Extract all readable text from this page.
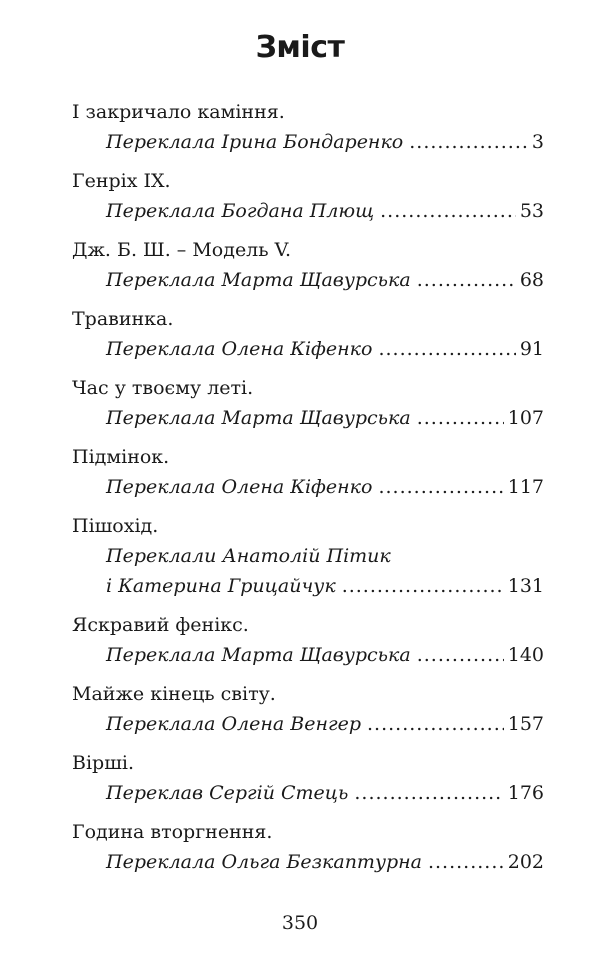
Зміст
І закричало каміння.
Переклала Ірина Бондаренко .....	3
Генріх IX.
Переклала Богдана Плющ .....	53
Дж. Б. Ш. – Модель V.
Переклала Марта Щавурська .....	68
Травинка.
Переклала Олена Кіфенко .....	91
Час у твоєму леті.
Переклала Марта Щавурська .....	107
Підмінок.
Переклала Олена Кіфенко .....	117
Пішохід.
Переклали Анатолій Пітик
і Катерина Грицайчук .....	131
Яскравий фенікс.
Переклала Марта Щавурська .....	140
Майже кінець світу.
Переклала Олена Венгер .....	157
Вірші.
Переклав Сергій Стець .....	176
Година вторгнення.
Переклала Ольга Безкаптурна .....	202
350
